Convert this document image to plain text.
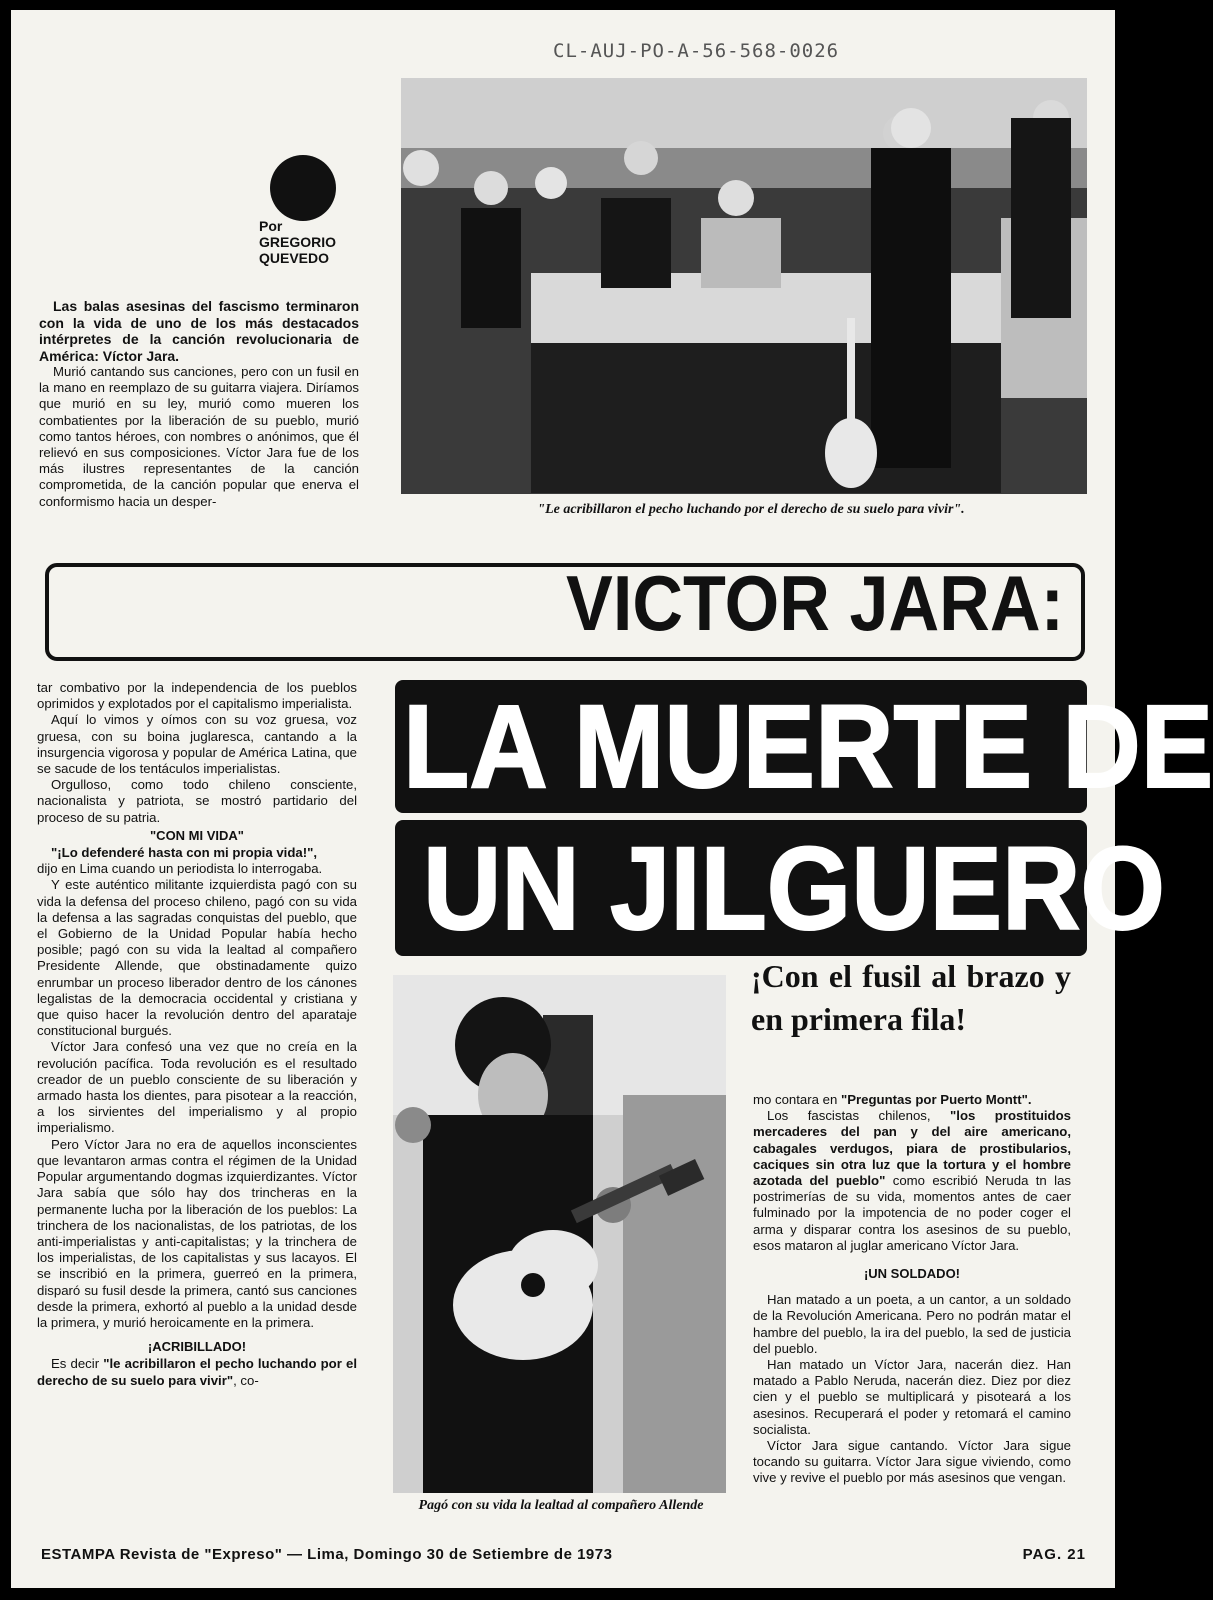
CL-AUJ-PO-A-56-568-0026
Por
GREGORIO
QUEVEDO

Las balas asesinas del fascismo terminaron con la vida de uno de los más destacados intérpretes de la canción revolucionaria de América: Víctor Jara.

Murió cantando sus canciones, pero con un fusil en la mano en reemplazo de su guitarra viajera. Diríamos que murió en su ley, murió como mueren los combatientes por la liberación de su pueblo, murió como tantos héroes, con nombres o anónimos, que él relievó en sus composiciones. Víctor Jara fue de los más ilustres representantes de la canción comprometida, de la canción popular que enerva el conformismo hacia un desper-

"Le acribillaron el pecho luchando por el derecho de su suelo para vivir".
VICTOR JARA:
LA MUERTE DE
UN JILGUERO

tar combativo por la independencia de los pueblos oprimidos y explotados por el capitalismo imperialista.

Aquí lo vimos y oímos con su voz gruesa, voz gruesa, con su boina juglaresca, cantando a la insurgencia vigorosa y popular de América Latina, que se sacude de los tentáculos imperialistas.

Orgulloso, como todo chileno consciente, nacionalista y patriota, se mostró partidario del proceso de su patria.

"CON MI VIDA"

"¡Lo defenderé hasta con mi propia vida!",

dijo en Lima cuando un periodista lo interrogaba.

Y este auténtico militante izquierdista pagó con su vida la defensa del proceso chileno, pagó con su vida la defensa a las sagradas conquistas del pueblo, que el Gobierno de la Unidad Popular había hecho posible; pagó con su vida la lealtad al compañero Presidente Allende, que obstinadamente quizo enrumbar un proceso liberador dentro de los cánones legalistas de la democracia occidental y cristiana y que quiso hacer la revolución dentro del aparataje constitucional burgués.

Víctor Jara confesó una vez que no creía en la revolución pacífica. Toda revolución es el resultado creador de un pueblo consciente de su liberación y armado hasta los dientes, para pisotear a la reacción, a los sirvientes del imperialismo y al propio imperialismo.

Pero Víctor Jara no era de aquellos inconscientes que levantaron armas contra el régimen de la Unidad Popular argumentando dogmas izquierdizantes. Víctor Jara sabía que sólo hay dos trincheras en la permanente lucha por la liberación de los pueblos: La trinchera de los nacionalistas, de los patriotas, de los anti-imperialistas y anti-capitalistas; y la trinchera de los imperialistas, de los capitalistas y sus lacayos. El se inscribió en la primera, guerreó en la primera, disparó su fusil desde la primera, cantó sus canciones desde la primera, exhortó al pueblo a la unidad desde la primera, y murió heroicamente en la primera.

¡ACRIBILLADO!

Es decir "le acribillaron el pecho luchando por el derecho de su suelo para vivir", co-

Pagó con su vida la lealtad al compañero Allende
¡Con el fusil al brazo y en primera fila!

mo contara en "Preguntas por Puerto Montt".

Los fascistas chilenos, "los prostituidos mercaderes del pan y del aire americano, cabagales verdugos, piara de prostibularios, caciques sin otra luz que la tortura y el hombre azotada del pueblo" como escribió Neruda tn las postrimerías de su vida, momentos antes de caer fulminado por la impotencia de no poder coger el arma y disparar contra los asesinos de su pueblo, esos mataron al juglar americano Víctor Jara.

¡UN SOLDADO!

Han matado a un poeta, a un cantor, a un soldado de la Revolución Americana. Pero no podrán matar el hambre del pueblo, la ira del pueblo, la sed de justicia del pueblo.

Han matado un Víctor Jara, nacerán diez. Han matado a Pablo Neruda, nacerán diez. Diez por diez cien y el pueblo se multiplicará y pisoteará a los asesinos. Recuperará el poder y retomará el camino socialista.

Víctor Jara sigue cantando. Víctor Jara sigue tocando su guitarra. Víctor Jara sigue viviendo, como vive y revive el pueblo por más asesinos que vengan.

ESTAMPA Revista de "Expreso" — Lima, Domingo 30 de Setiembre de 1973	PAG. 21
